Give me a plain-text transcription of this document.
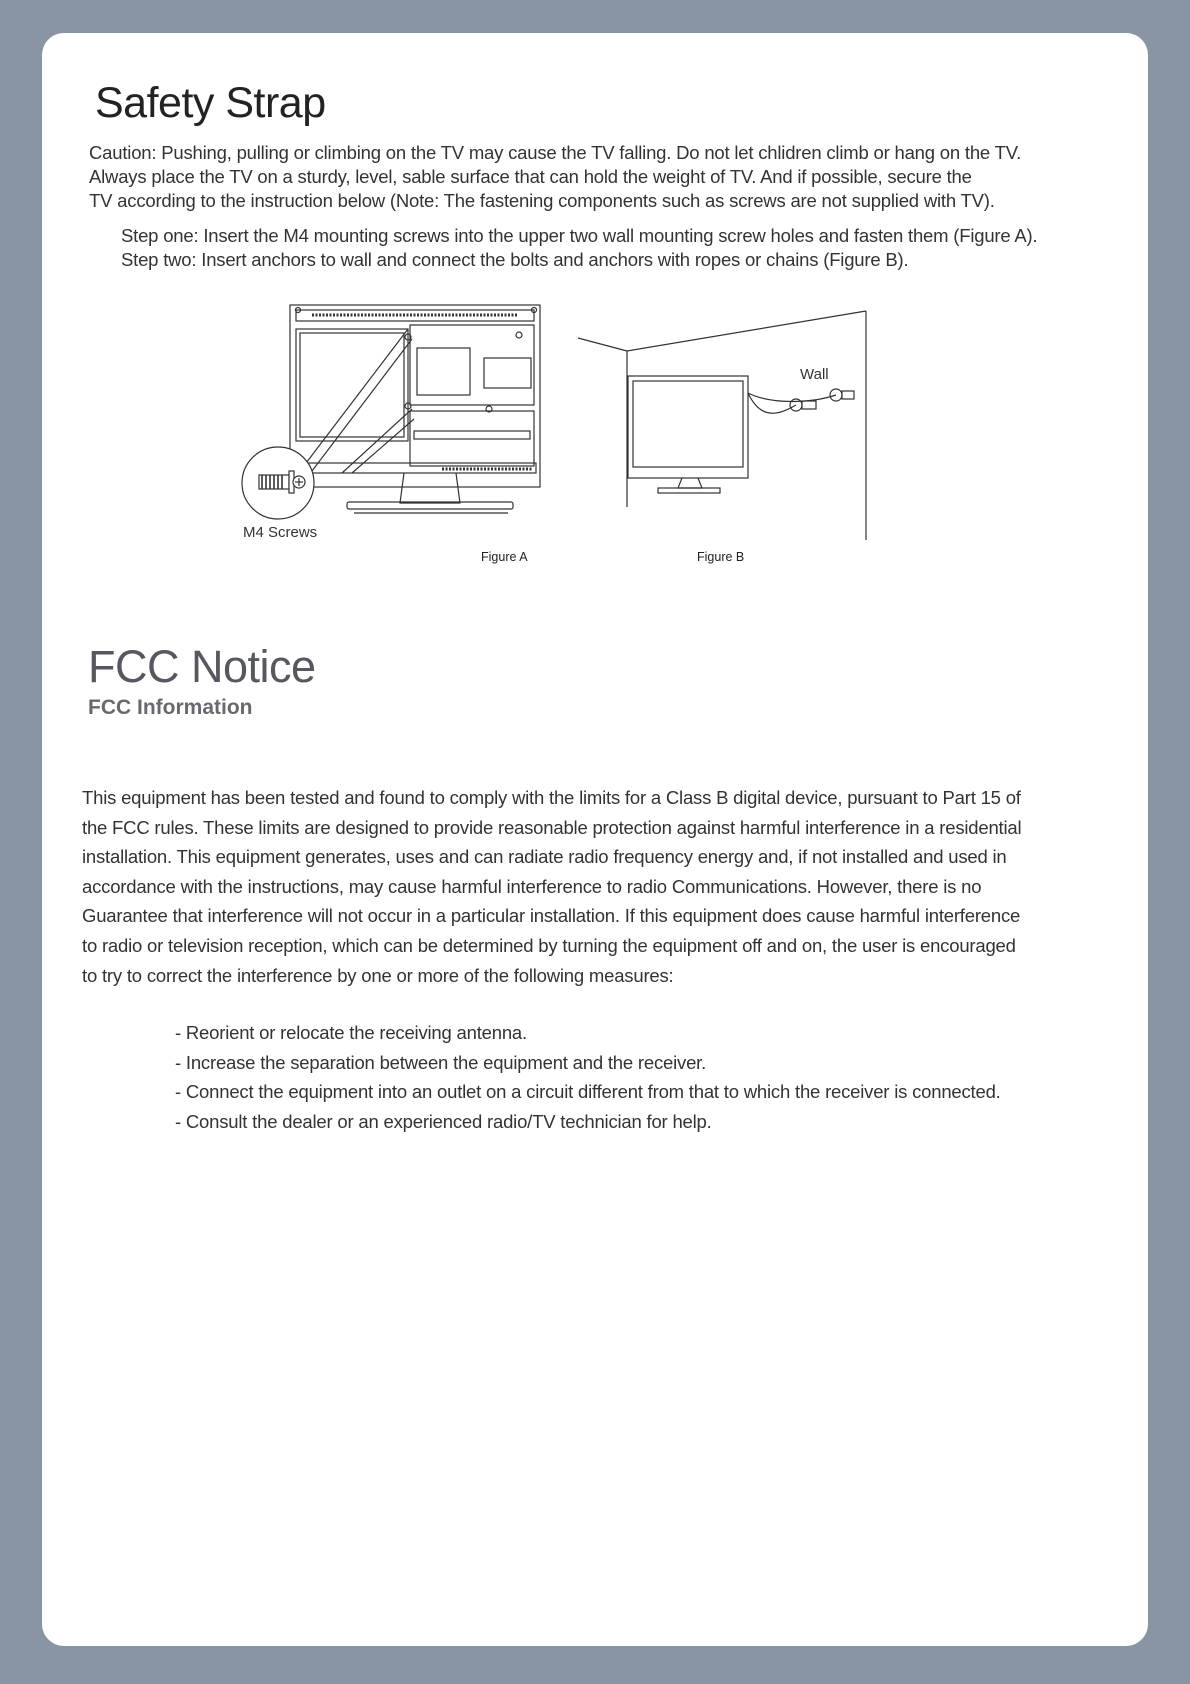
Safety Strap
Caution: Pushing, pulling or climbing on the TV may cause the TV falling. Do not let chlidren climb or hang on the TV.
Always place the TV on a sturdy, level, sable surface that can hold the weight of TV. And if possible, secure the
TV according to the instruction below (Note: The fastening components such as screws are not supplied with TV).
Step one: Insert the M4 mounting screws into the upper two wall mounting screw holes and fasten them (Figure A).
Step two: Insert anchors to wall and connect the bolts and anchors with ropes or chains (Figure B).
M4 Screws
Figure A
Wall
Figure B
FCC Notice
FCC Information
This equipment has been tested and found to comply with the limits for a Class B digital device, pursuant to Part 15 of
the FCC rules. These limits are designed to provide reasonable protection against harmful interference in a residential
installation. This equipment generates, uses and can radiate radio frequency energy and, if not installed and used in
accordance with the instructions, may cause harmful interference to radio Communications. However, there is no
Guarantee that interference will not occur in a particular installation. If this equipment does cause harmful interference
to radio or television reception, which can be determined by turning the equipment off and on, the user is encouraged
to try to correct the interference by one or more of the following measures:
- Reorient or relocate the receiving antenna.
- Increase the separation between the equipment and the receiver.
- Connect the equipment into an outlet on a circuit different from that to which the receiver is connected.
- Consult the dealer or an experienced radio/TV technician for help.
